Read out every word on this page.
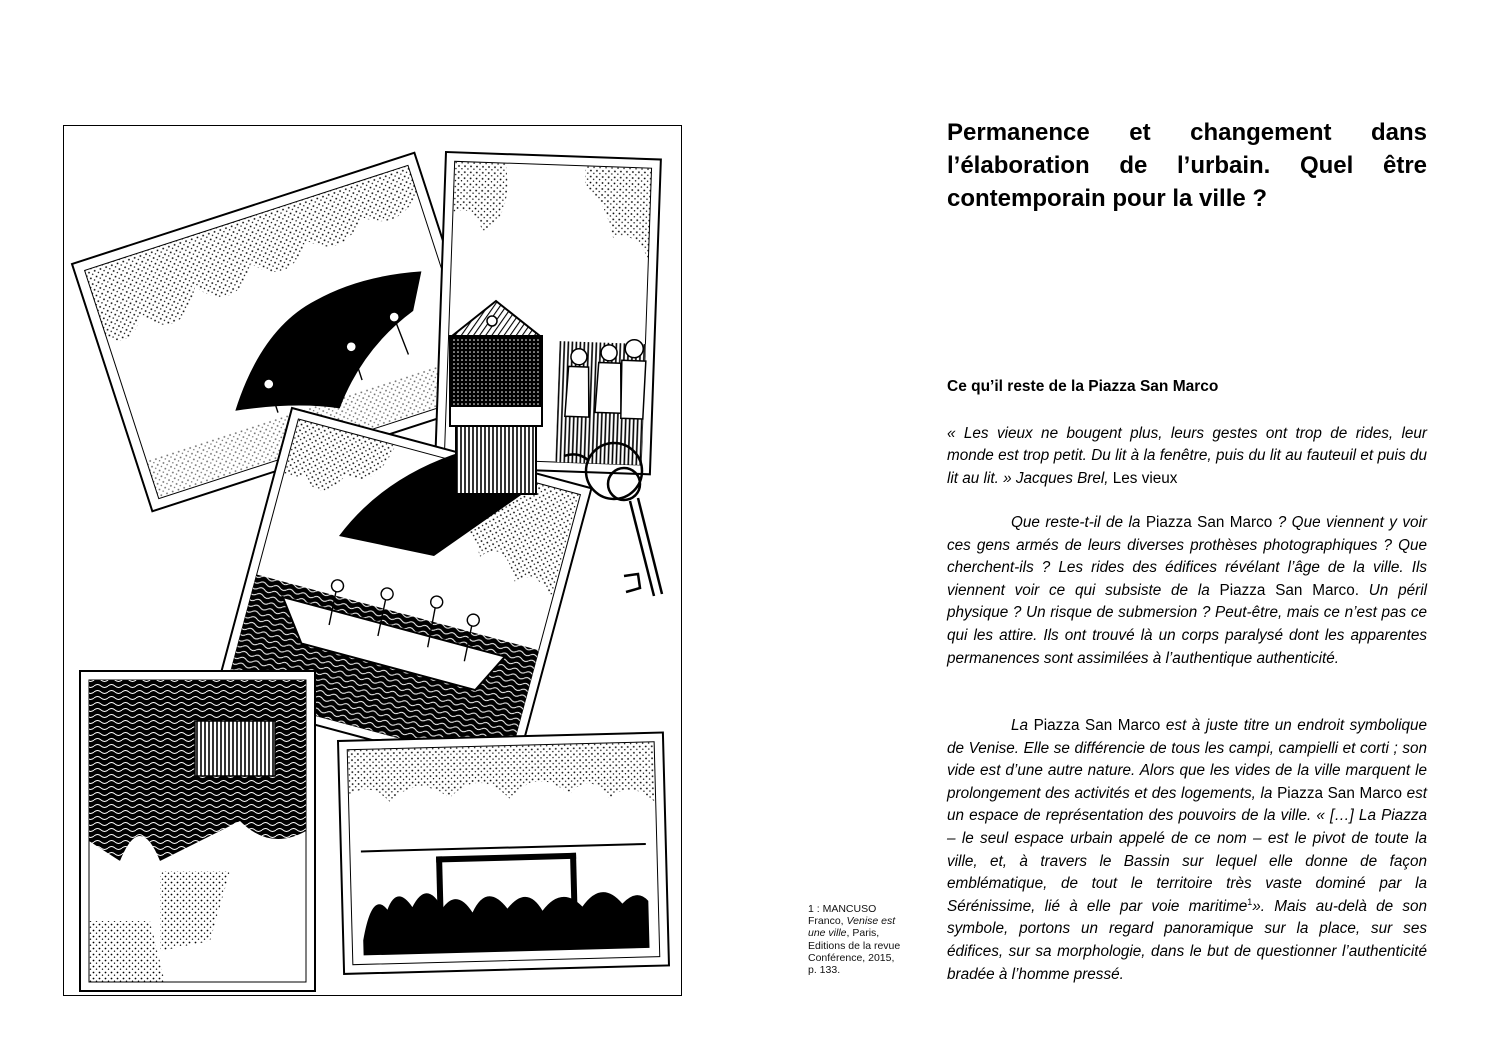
1 : MANCUSO Franco, Venise est une ville, Paris, Editions de la revue Conférence, 2015, p. 133.
Permanence et changement dans l’élaboration de l’urbain. Quel être contemporain pour la ville ?
Ce qu’il reste de la Piazza San Marco

« Les vieux ne bougent plus, leurs gestes ont trop de rides, leur monde est trop petit. Du lit à la fenêtre, puis du lit au fauteuil et puis du lit au lit. » Jacques Brel, Les vieux

Que reste-t-il de la Piazza San Marco ? Que viennent y voir ces gens armés de leurs diverses prothèses photographiques ? Que cherchent-ils ? Les rides des édifices révélant l’âge de la ville. Ils viennent voir ce qui subsiste de la Piazza San Marco. Un péril physique ? Un risque de submersion ? Peut-être, mais ce n’est pas ce qui les attire. Ils ont trouvé là un corps paralysé dont les apparentes permanences sont assimilées à l’authentique authenticité.

La Piazza San Marco est à juste titre un endroit symbolique de Venise. Elle se différencie de tous les campi, campielli et corti ; son vide est d’une autre nature. Alors que les vides de la ville marquent le prolongement des activités et des logements, la Piazza San Marco est un espace de représentation des pouvoirs de la ville. « […] La Piazza – le seul espace urbain appelé de ce nom – est le pivot de toute la ville, et, à travers le Bassin sur lequel elle donne de façon emblématique, de tout le territoire très vaste dominé par la Sérénissime, lié à elle par voie maritime$^1$». Mais au-delà de son symbole, portons un regard panoramique sur la place, sur ses édifices, sur sa morphologie, dans le but de questionner l’authenticité bradée à l’homme pressé.
